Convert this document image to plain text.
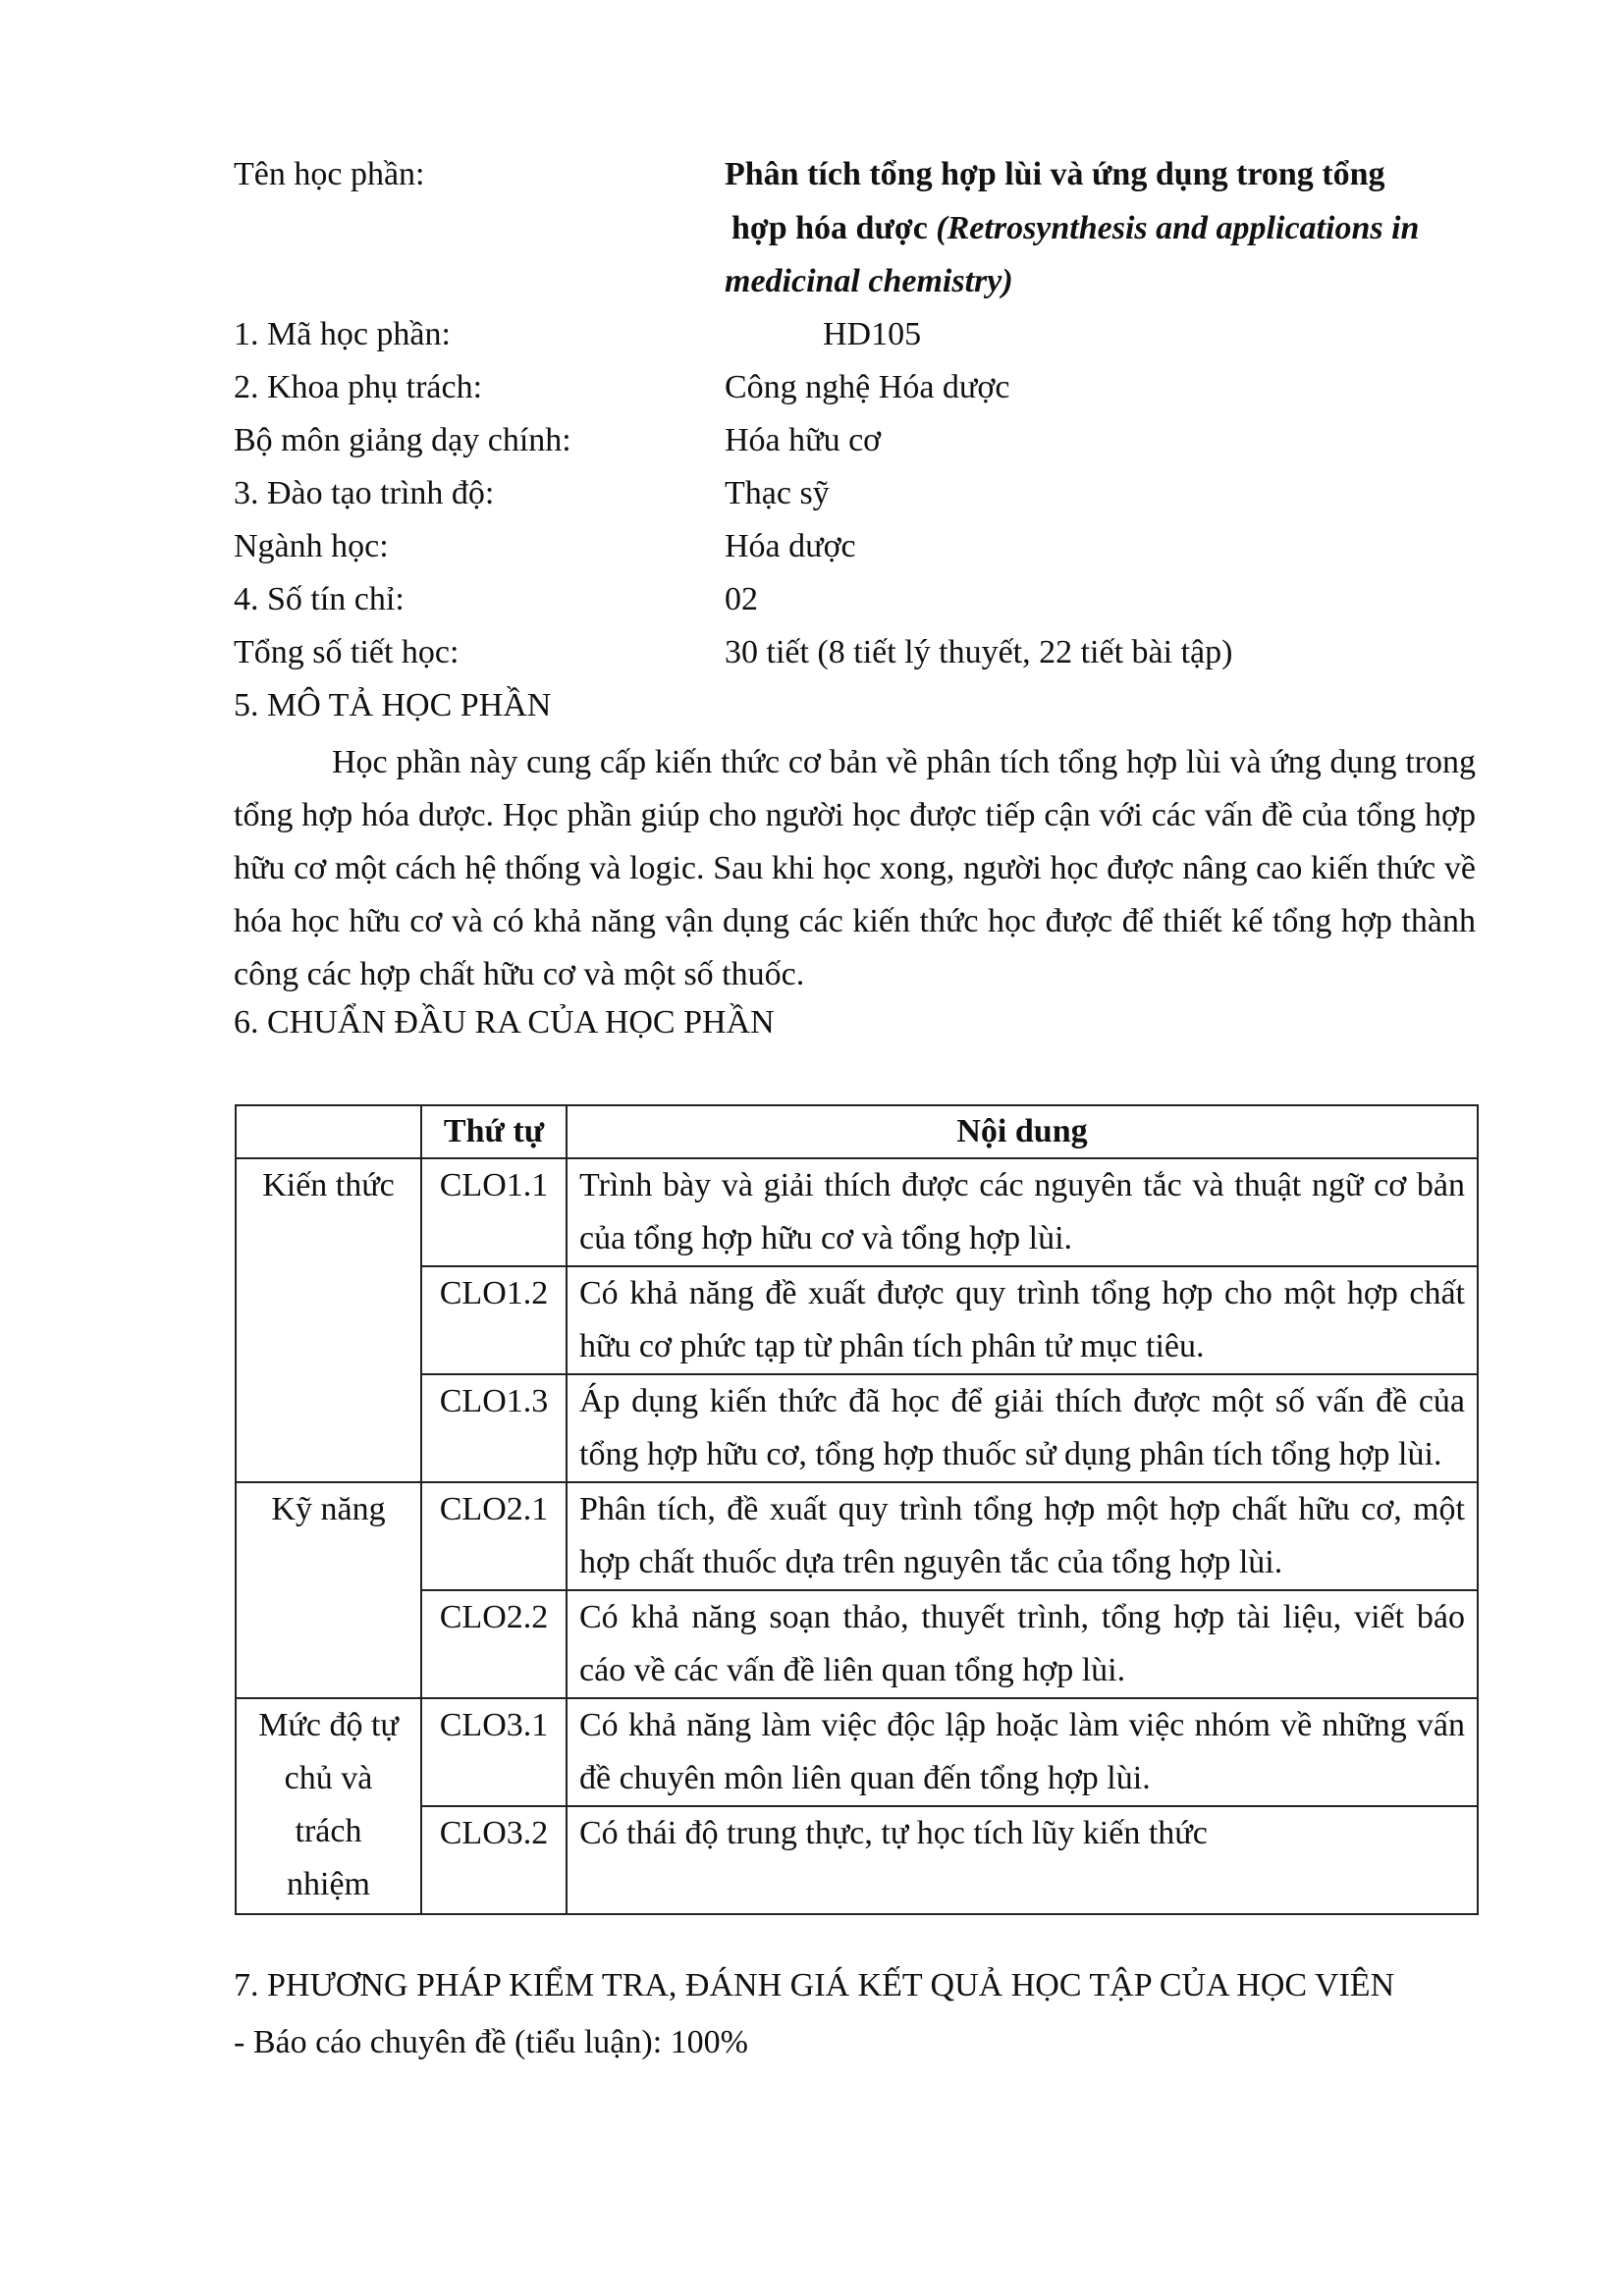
Tên học phần:	Phân tích tổng hợp lùi và ứng dụng trong tổng
hợp hóa dược (Retrosynthesis and applications in
medicinal chemistry)
1. Mã học phần:	HD105
2. Khoa phụ trách:	Công nghệ Hóa dược
Bộ môn giảng dạy chính:	Hóa hữu cơ
3. Đào tạo trình độ:	Thạc sỹ
Ngành học:	Hóa dược
4. Số tín chỉ:	02
Tổng số tiết học:	30 tiết (8 tiết lý thuyết, 22 tiết bài tập)
5. MÔ TẢ HỌC PHẦN

Học phần này cung cấp kiến thức cơ bản về phân tích tổng hợp lùi và ứng dụng trong tổng hợp hóa dược. Học phần giúp cho người học được tiếp cận với các vấn đề của tổng hợp hữu cơ một cách hệ thống và logic. Sau khi học xong, người học được nâng cao kiến thức về hóa học hữu cơ và có khả năng vận dụng các kiến thức học được để thiết kế tổng hợp thành công các hợp chất hữu cơ và một số thuốc.

6. CHUẨN ĐẦU RA CỦA HỌC PHẦN
	Thứ tự	Nội dung
Kiến thức	CLO1.1	Trình bày và giải thích được các nguyên tắc và thuật ngữ cơ bản của tổng hợp hữu cơ và tổng hợp lùi.
	CLO1.2	Có khả năng đề xuất được quy trình tổng hợp cho một hợp chất hữu cơ phức tạp từ phân tích phân tử mục tiêu.
	CLO1.3	Áp dụng kiến thức đã học để giải thích được một số vấn đề của tổng hợp hữu cơ, tổng hợp thuốc sử dụng phân tích tổng hợp lùi.
Kỹ năng	CLO2.1	Phân tích, đề xuất quy trình tổng hợp một hợp chất hữu cơ, một hợp chất thuốc dựa trên nguyên tắc của tổng hợp lùi.
	CLO2.2	Có khả năng soạn thảo, thuyết trình, tổng hợp tài liệu, viết báo cáo về các vấn đề liên quan tổng hợp lùi.
Mức độ tự chủ và trách nhiệm	CLO3.1	Có khả năng làm việc độc lập hoặc làm việc nhóm về những vấn đề chuyên môn liên quan đến tổng hợp lùi.
	CLO3.2	Có thái độ trung thực, tự học tích lũy kiến thức
7. PHƯƠNG PHÁP KIỂM TRA, ĐÁNH GIÁ KẾT QUẢ HỌC TẬP CỦA HỌC VIÊN
- Báo cáo chuyên đề (tiểu luận): 100%
